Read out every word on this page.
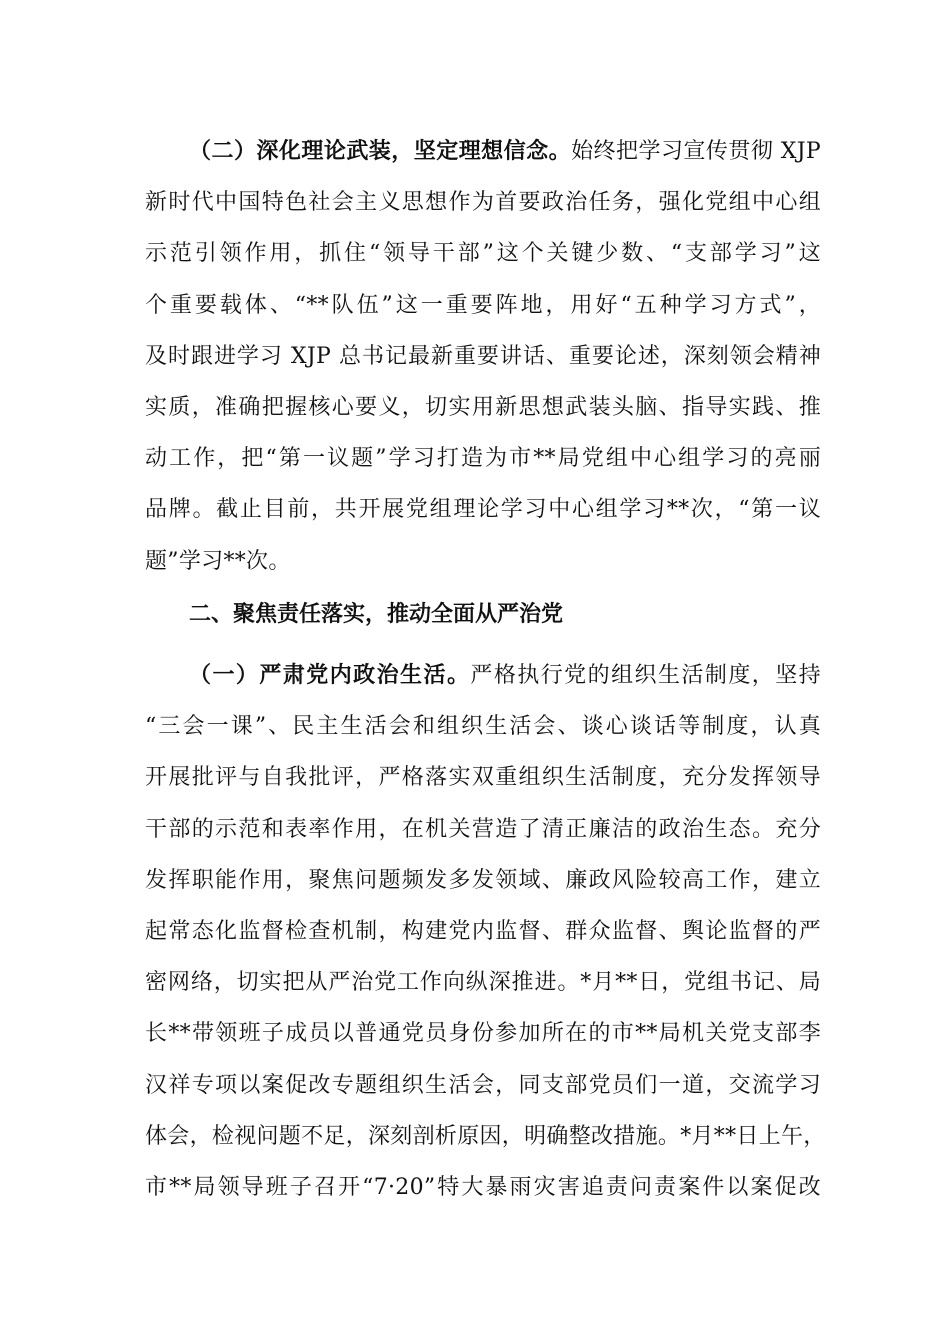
（二）深化理论武装，坚定理想信念。始终把学习宣传贯彻 XJP
新时代中国特色社会主义思想作为首要政治任务，强化党组中心组
示范引领作用，抓住“领导干部”这个关键少数、“支部学习”这
个重要载体、“**队伍”这一重要阵地，用好“五种学习方式”，
及时跟进学习 XJP 总书记最新重要讲话、重要论述，深刻领会精神
实质，准确把握核心要义，切实用新思想武装头脑、指导实践、推
动工作，把“第一议题”学习打造为市**局党组中心组学习的亮丽
品牌。截止目前，共开展党组理论学习中心组学习**次，“第一议
题”学习**次。
二、聚焦责任落实，推动全面从严治党
（一）严肃党内政治生活。严格执行党的组织生活制度，坚持
“三会一课”、民主生活会和组织生活会、谈心谈话等制度，认真
开展批评与自我批评，严格落实双重组织生活制度，充分发挥领导
干部的示范和表率作用，在机关营造了清正廉洁的政治生态。充分
发挥职能作用，聚焦问题频发多发领域、廉政风险较高工作，建立
起常态化监督检查机制，构建党内监督、群众监督、舆论监督的严
密网络，切实把从严治党工作向纵深推进。*月**日，党组书记、局
长**带领班子成员以普通党员身份参加所在的市**局机关党支部李
汉祥专项以案促改专题组织生活会，同支部党员们一道，交流学习
体会，检视问题不足，深刻剖析原因，明确整改措施。*月**日上午，
市**局领导班子召开“7·20”特大暴雨灾害追责问责案件以案促改
